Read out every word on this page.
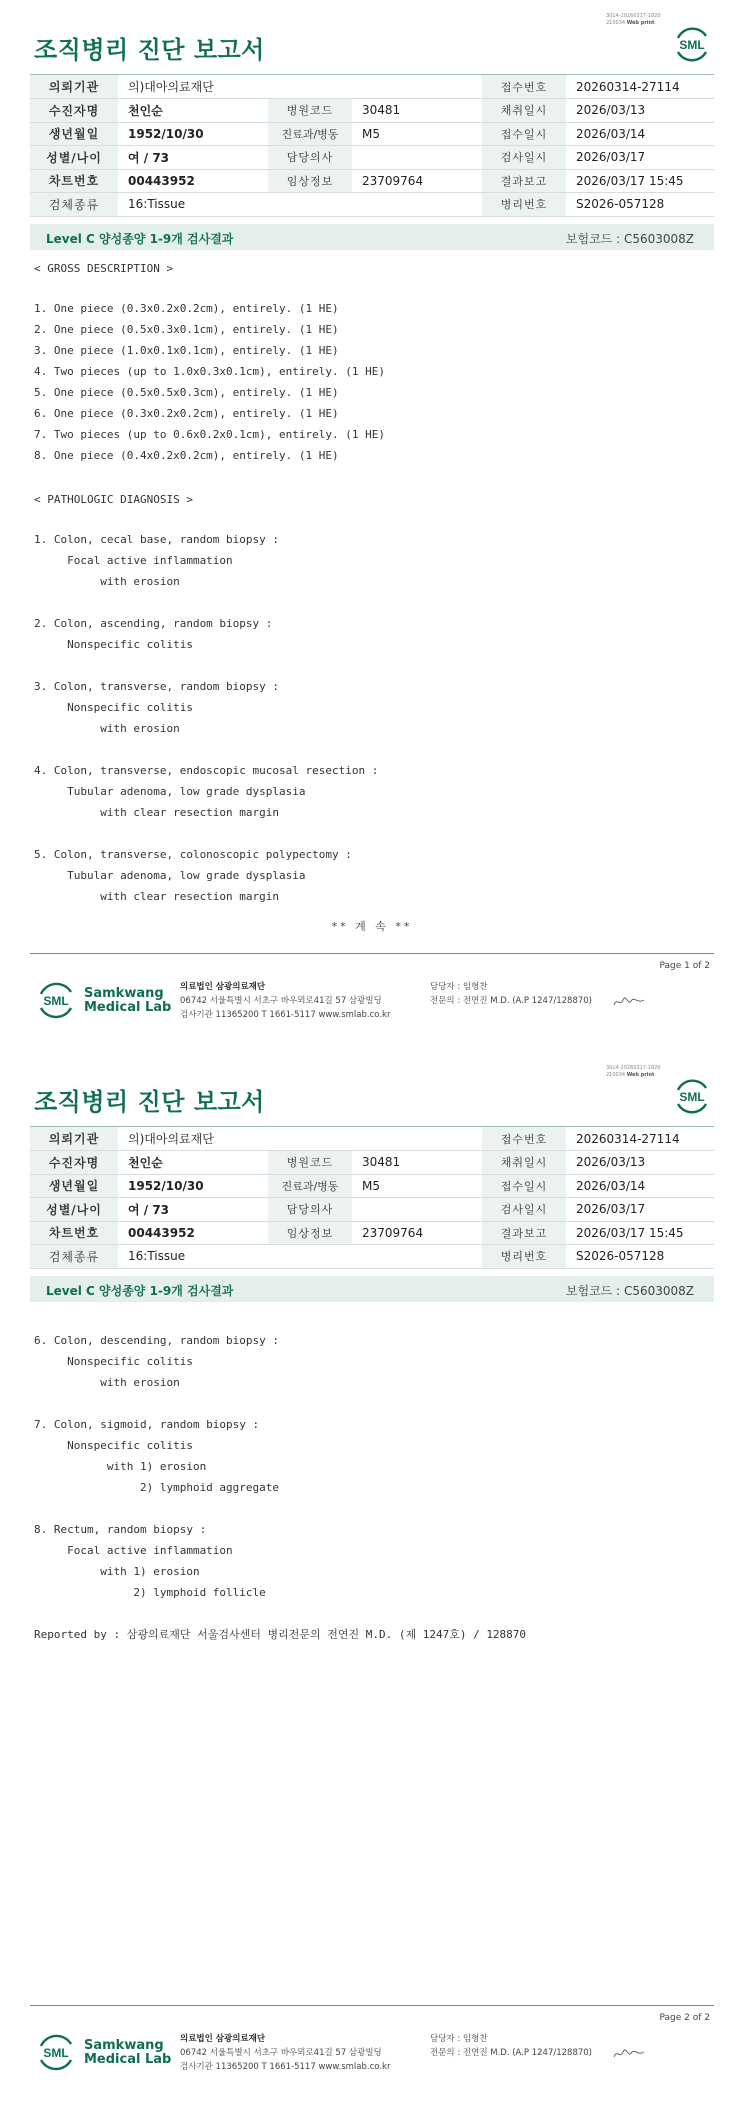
3014-20260317-1820
210034 Web print
조직병리 진단 보고서	SML
의뢰기관	의)대아의료재단			접수번호	20260314-27114
수진자명	천인순	병원코드	30481	채취일시	2026/03/13
생년월일	1952/10/30	진료과/병동	M5	접수일시	2026/03/14
성별/나이	여 / 73	담당의사		검사일시	2026/03/17
차트번호	00443952	임상정보	23709764	결과보고	2026/03/17 15:45
검체종류	16:Tissue			병리번호	S2026-057128
Level C 양성종양 1-9개 검사결과	보험코드 : C5603008Z
< GROSS DESCRIPTION >
1. One piece (0.3x0.2x0.2cm), entirely. (1 HE)
2. One piece (0.5x0.3x0.1cm), entirely. (1 HE)
3. One piece (1.0x0.1x0.1cm), entirely. (1 HE)
4. Two pieces (up to 1.0x0.3x0.1cm), entirely. (1 HE)
5. One piece (0.5x0.5x0.3cm), entirely. (1 HE)
6. One piece (0.3x0.2x0.2cm), entirely. (1 HE)
7. Two pieces (up to 0.6x0.2x0.1cm), entirely. (1 HE)
8. One piece (0.4x0.2x0.2cm), entirely. (1 HE)
< PATHOLOGIC DIAGNOSIS >
1. Colon, cecal base, random biopsy :
Focal active inflammation
with erosion

2. Colon, ascending, random biopsy :
Nonspecific colitis

3. Colon, transverse, random biopsy :
Nonspecific colitis
with erosion

4. Colon, transverse, endoscopic mucosal resection :
Tubular adenoma, low grade dysplasia
with clear resection margin

5. Colon, transverse, colonoscopic polypectomy :
Tubular adenoma, low grade dysplasia
with clear resection margin
** 계 속 **
Page 1 of 2
SML Samkwang
Medical Lab
의료법인 삼광의료재단
06742 서울특별시 서초구 바우뫼로41길 57 삼광빌딩
검사기관 11365200 T 1661-5117 www.smlab.co.kr
담당자 : 임형찬
전문의 : 전연진 M.D. (A.P 1247/128870)
3014-20260317-1820
210034 Web print
조직병리 진단 보고서	SML
의뢰기관	의)대아의료재단			접수번호	20260314-27114
수진자명	천인순	병원코드	30481	채취일시	2026/03/13
생년월일	1952/10/30	진료과/병동	M5	접수일시	2026/03/14
성별/나이	여 / 73	담당의사		검사일시	2026/03/17
차트번호	00443952	임상정보	23709764	결과보고	2026/03/17 15:45
검체종류	16:Tissue			병리번호	S2026-057128
Level C 양성종양 1-9개 검사결과	보험코드 : C5603008Z
6. Colon, descending, random biopsy :
Nonspecific colitis
with erosion

7. Colon, sigmoid, random biopsy :
Nonspecific colitis
with 1) erosion
2) lymphoid aggregate

8. Rectum, random biopsy :
Focal active inflammation
with 1) erosion
2) lymphoid follicle
Reported by : 삼광의료재단 서울검사센터 병리전문의 전연진 M.D. (제 1247호) / 128870
Page 2 of 2
SML Samkwang
Medical Lab
의료법인 삼광의료재단
06742 서울특별시 서초구 바우뫼로41길 57 삼광빌딩
검사기관 11365200 T 1661-5117 www.smlab.co.kr
담당자 : 임형찬
전문의 : 전연진 M.D. (A.P 1247/128870)
